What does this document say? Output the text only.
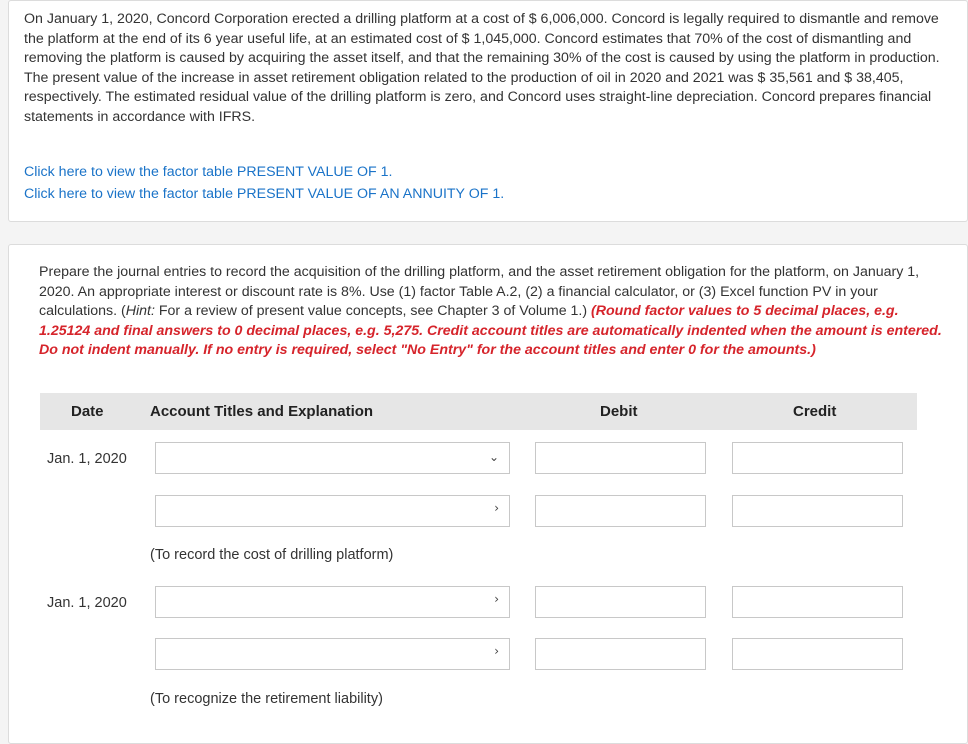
On January 1, 2020, Concord Corporation erected a drilling platform at a cost of $ 6,006,000. Concord is legally required to dismantle and remove the platform at the end of its 6 year useful life, at an estimated cost of $ 1,045,000. Concord estimates that 70% of the cost of dismantling and removing the platform is caused by acquiring the asset itself, and that the remaining 30% of the cost is caused by using the platform in production. The present value of the increase in asset retirement obligation related to the production of oil in 2020 and 2021 was $ 35,561 and $ 38,405, respectively. The estimated residual value of the drilling platform is zero, and Concord uses straight-line depreciation. Concord prepares financial statements in accordance with IFRS.

Click here to view the factor table PRESENT VALUE OF 1.
Click here to view the factor table PRESENT VALUE OF AN ANNUITY OF 1.

Prepare the journal entries to record the acquisition of the drilling platform, and the asset retirement obligation for the platform, on January 1, 2020. An appropriate interest or discount rate is 8%. Use (1) factor Table A.2, (2) a financial calculator, or (3) Excel function PV in your calculations. (Hint: For a review of present value concepts, see Chapter 3 of Volume 1.) (Round factor values to 5 decimal places, e.g. 1.25124 and final answers to 0 decimal places, e.g. 5,275. Credit account titles are automatically indented when the amount is entered. Do not indent manually. If no entry is required, select "No Entry" for the account titles and enter 0 for the amounts.)

Date	Account Titles and Explanation	Debit	Credit
Jan. 1, 2020	⌄
›
(To record the cost of drilling platform)
Jan. 1, 2020	›
›
(To recognize the retirement liability)
